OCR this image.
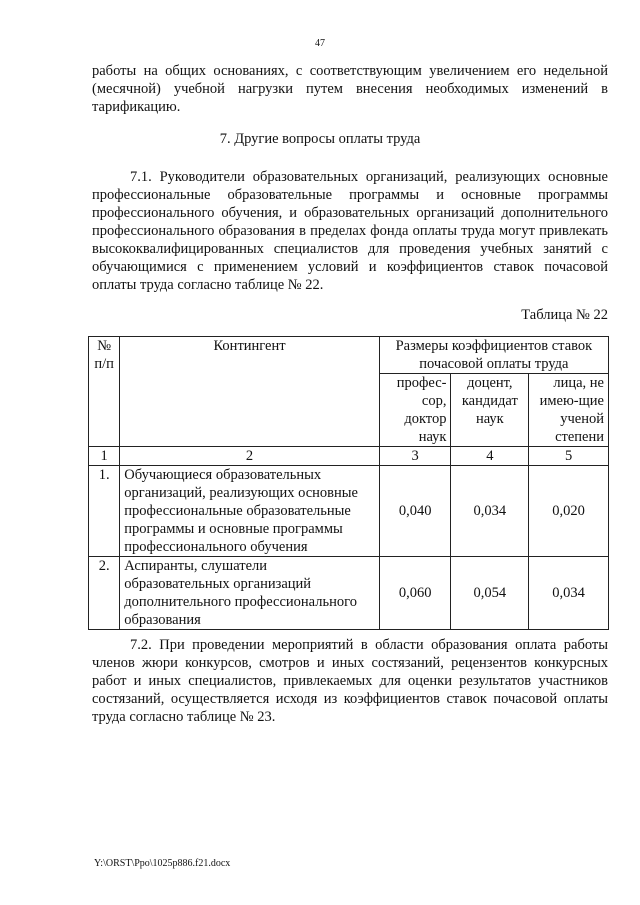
47

работы на общих основаниях, с соответствующим увеличением его недельной (месячной) учебной нагрузки путем внесения необходимых изменений в тарификацию.

7. Другие вопросы оплаты труда

7.1. Руководители образовательных организаций, реализующих основные профессиональные образовательные программы и основные программы профессионального обучения, и образовательных организаций дополнительного профессионального образования в пределах фонда оплаты труда могут привлекать высококвалифицированных специалистов для проведения учебных занятий с обучающимися с применением условий и коэффициентов ставок почасовой оплаты труда согласно таблице № 22.

Таблица № 22
№ п/п	Контингент	Размеры коэффициентов ставок почасовой оплаты труда		
		профес-сор, доктор наук	доцент, кандидат наук	лица, не имею-щие ученой степени
1	2	3	4	5
1.	Обучающиеся образовательных организаций, реализующих основные профессиональные образовательные программы и основные программы профессионального обучения	0,040	0,034	0,020
2.	Аспиранты, слушатели образовательных организаций дополнительного профессионального образования	0,060	0,054	0,034

7.2. При проведении мероприятий в области образования оплата работы членов жюри конкурсов, смотров и иных состязаний, рецензентов конкурсных работ и иных специалистов, привлекаемых для оценки результатов участников состязаний, осуществляется исходя из коэффициентов ставок почасовой оплаты труда согласно таблице № 23.

Y:\ORST\Ppo\1025p886.f21.docx
